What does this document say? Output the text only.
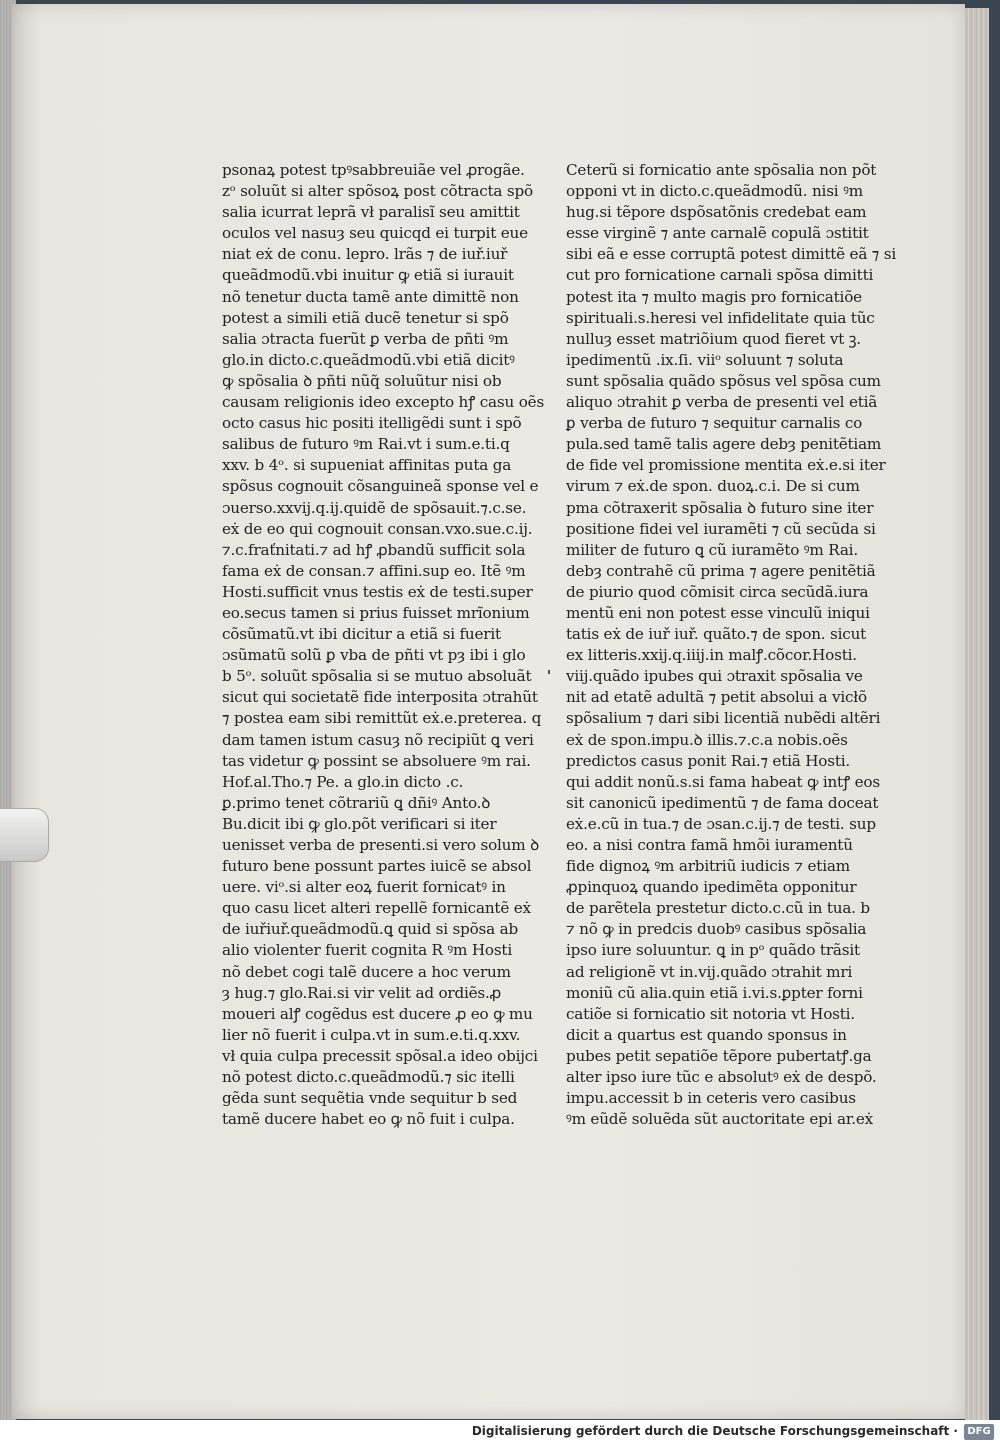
psonaꝝ potest tpꝰsabbreuiãe vel ꝓrogãe.
zᵒ soluũt si alter spõsoꝝ post cõtracta spõ
salia icurrat leprã vł paralisĩ seu amittit
oculos vel nasuȝ seu quicqd ei turpit eue
niat eẋ de conu. lepro. lrãs ⁊ de iuř.iuř
queãdmodũ.vbi inuitur ꝙ etiã si iurauit
nõ tenetur ducta tamẽ ante dimittẽ non
potest a simili etiã ducẽ tenetur si spõ
salia ɔtracta fuerũt ꝑ verba de pñti ꝰm
glo.in dicto.c.queãdmodũ.vbi etiã dicitꝰ
ꝙ spõsalia ꝺ pñti nũq̃ soluũtur nisi ob
causam religionis ideo excepto hꝭ casu oẽs
octo casus hic positi itelligẽdi sunt i spõ
salibus de futuro ꝰm Rai.vt i sum.e.ti.q
xxv. b 4ᵒ. si supueniat affinitas puta ga
spõsus cognouit cõsanguineã sponse vel e
ɔuerso.xxvij.q.ij.quidẽ de spõsauit.⁊.c.se.
eẋ de eo qui cognouit consan.vxo.sue.c.ij.
⁊.c.fraťnitati.⁊ ad hꝭ ꝓbandũ sufficit sola
fama eẋ de consan.⁊ affini.sup eo. Itẽ ꝰm
Hosti.sufficit vnus testis eẋ de testi.super
eo.secus tamen si prius fuisset mrĩonium
cõsũmatũ.vt ibi dicitur a etiã si fuerit
ɔsũmatũ solũ ꝑ vba de pñti vt pȝ ibi i glo
b 5ᵒ. soluũt spõsalia si se mutuo absoluãt
sicut qui societatẽ fide interposita ɔtrahũt
⁊ postea eam sibi remittũt eẋ.e.preterea. q
dam tamen istum casuȝ nõ recipiũt ꝗ veri
tas videtur ꝙ possint se absoluere ꝰm rai.
Hof.al.Tho.⁊ Pe. a glo.in dicto .c.
ꝑ.primo tenet cõtrariũ ꝗ dñiꝰ Anto.ꝺ
Bu.dicit ibi ꝙ glo.põt verificari si iter
uenisset verba de presenti.si vero solum ꝺ
futuro bene possunt partes iuicẽ se absol
uere. viᵒ.si alter eoꝝ fuerit fornicatꝰ in
quo casu licet alteri repellẽ fornicantẽ eẋ
de iuřiuř.queãdmodũ.ꝗ quid si spõsa ab
alio violenter fuerit cognita R ꝰm Hosti
nõ debet cogi talẽ ducere a hoc verum
ȝ hug.⁊ glo.Rai.si vir velit ad ordiẽs.ꝓ
moueri alꝭ cogẽdus est ducere ꝓ eo ꝙ mu
lier nõ fuerit i culpa.vt in sum.e.ti.q.xxv.
vł quia culpa precessit spõsal.a ideo obijci
nõ potest dicto.c.queãdmodũ.⁊ sic itelli
gẽda sunt sequẽtia vnde sequitur b sed
tamẽ ducere habet eo ꝙ nõ fuit i culpa.
Ceterũ si fornicatio ante spõsalia non põt
opponi vt in dicto.c.queãdmodũ. nisi ꝰm
hug.si tẽpore dspõsatõnis credebat eam
esse virginẽ ⁊ ante carnalẽ copulã ɔstitit
sibi eã e esse corruptã potest dimittẽ eã ⁊ si
cut pro fornicatione carnali spõsa dimitti
potest ita ⁊ multo magis pro fornicatiõe
spirituali.s.heresi vel infidelitate quia tũc
nulluȝ esset matriõium quod fieret vt ꝫ.
ipedimentũ .ix.ſi. viiᵒ soluunt ⁊ soluta
sunt spõsalia quãdo spõsus vel spõsa cum
aliquo ɔtrahit ꝑ verba de presenti vel etiã
ꝑ verba de futuro ⁊ sequitur carnalis co
pula.sed tamẽ talis agere debȝ penitẽtiam
de fide vel promissione mentita eẋ.e.si iter
virum ⁊ eẋ.de spon. duoꝝ.c.i. De si cum
pma cõtraxerit spõsalia ꝺ futuro sine iter
positione fidei vel iuramẽti ⁊ cũ secũda si
militer de futuro ꝗ cũ iuramẽto ꝰm Rai.
debȝ contrahẽ cũ prima ⁊ agere penitẽtiã
de piurio quod cõmisit circa secũdã.iura
mentũ eni non potest esse vinculũ iniqui
tatis eẋ de iuř iuř. quãto.⁊ de spon. sicut
ex litteris.xxij.q.iiij.in malꝭ.cõcor.Hosti.
viij.quãdo ipubes qui ɔtraxit spõsalia ve
nit ad etatẽ adultã ⁊ petit absolui a vicłõ
spõsalium ⁊ dari sibi licentiã nubẽdi altẽri
eẋ de spon.impu.ꝺ illis.⁊.c.a nobis.oẽs
predictos casus ponit Rai.⁊ etiã Hosti.
qui addit nonũ.s.si fama habeat ꝙ intꝭ eos
sit canonicũ ipedimentũ ⁊ de fama doceat
eẋ.e.cũ in tua.⁊ de ɔsan.c.ij.⁊ de testi. sup
eo. a nisi contra famã hmõi iuramentũ
fide dignoꝝ ꝰm arbitriũ iudicis ⁊ etiam
ꝓpinquoꝝ quando ipedimẽta opponitur
de parẽtela prestetur dicto.c.cũ in tua. b
⁊ nõ ꝙ in predcis duobꝰ casibus spõsalia
ipso iure soluuntur. ꝗ in pᵒ quãdo trãsit
ad religionẽ vt in.vij.quãdo ɔtrahit mri
moniũ cũ alia.quin etiã i.vi.s.ꝑpter forni
catiõe si fornicatio sit notoria vt Hosti.
dicit a quartus est quando sponsus in
pubes petit sepatiõe tẽpore pubertatꝭ.ga
alter ipso iure tũc e absolutꝰ eẋ de despõ.
impu.accessit b in ceteris vero casibus
ꝰm eũdẽ soluẽda sũt auctoritate epi ar.eẋ
Digitalisierung gefördert durch die Deutsche Forschungsgemeinschaft · DFG
